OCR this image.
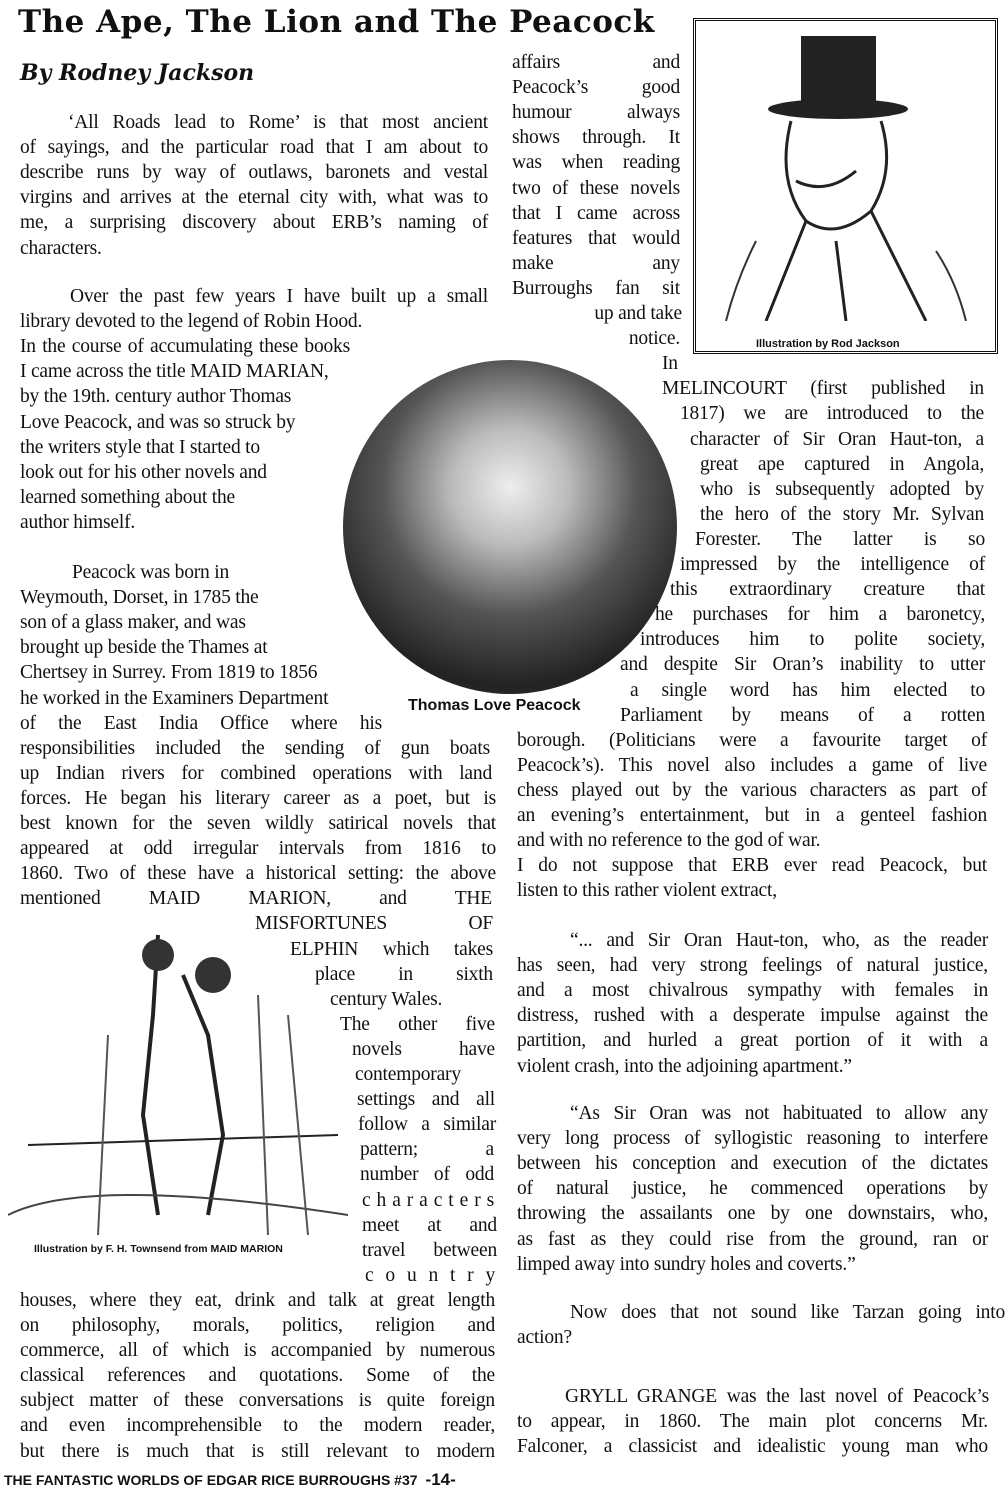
The Ape, The Lion and The Peacock
By Rodney Jackson
Illustration by Rod Jackson
Thomas Love Peacock
Illustration by F. H. Townsend from MAID MARION
‘All Roads lead to Rome’ is that most ancient
of sayings, and the particular road that I am about to
describe runs by way of outlaws, baronets and vestal
virgins and arrives at the eternal city with, what was to
me, a surprising discovery about ERB’s naming of
characters.
Over the past few years I have built up a small
library devoted to the legend of Robin Hood.
In the course of accumulating these books
I came across the title MAID MARIAN,
by the 19th. century author Thomas
Love Peacock, and was so struck by
the writers style that I started to
look out for his other novels and
learned something about the
author himself.
Peacock was born in
Weymouth, Dorset, in 1785 the
son of a glass maker, and was
brought up beside the Thames at
Chertsey in Surrey. From 1819 to 1856
he worked in the Examiners Department
of the East India Office where his
responsibilities included the sending of gun boats
up Indian rivers for combined operations with land
forces. He began his literary career as a poet, but is
best known for the seven wildly satirical novels that
appeared at odd irregular intervals from 1816 to
1860. Two of these have a historical setting: the above
mentioned MAID MARION, and THE
MISFORTUNES OF
ELPHIN which takes
place in sixth
century Wales.
The other five
novels have
contemporary
settings and all
follow a similar
pattern; a
number of odd
c h a r a c t e r s
meet at and
travel between
c o u n t r y
houses, where they eat, drink and talk at great length
on philosophy, morals, politics, religion and
commerce, all of which is accompanied by numerous
classical references and quotations. Some of the
subject matter of these conversations is quite foreign
and even incomprehensible to the modern reader,
but there is much that is still relevant to modern
affairs and
Peacock’s good
humour always
shows through. It
was when reading
two of these novels
that I came across
features that would
make any
Burroughs fan sit
up and take
notice.
In
MELINCOURT (first published in
1817) we are introduced to the
character of Sir Oran Haut-ton, a
great ape captured in Angola,
who is subsequently adopted by
the hero of the story Mr. Sylvan
Forester. The latter is so
impressed by the intelligence of
this extraordinary creature that
he purchases for him a baronetcy,
introduces him to polite society,
and despite Sir Oran’s inability to utter
a single word has him elected to
Parliament by means of a rotten
borough. (Politicians were a favourite target of
Peacock’s). This novel also includes a game of live
chess played out by the various characters as part of
an evening’s entertainment, but in a genteel fashion
and with no reference to the god of war.
I do not suppose that ERB ever read Peacock, but
listen to this rather violent extract,
“... and Sir Oran Haut-ton, who, as the reader
has seen, had very strong feelings of natural justice,
and a most chivalrous sympathy with females in
distress, rushed with a desperate impulse against the
partition, and hurled a great portion of it with a
violent crash, into the adjoining apartment.”
“As Sir Oran was not habituated to allow any
very long process of syllogistic reasoning to interfere
between his conception and execution of the dictates
of natural justice, he commenced operations by
throwing the assailants one by one downstairs, who,
as fast as they could rise from the ground, ran or
limped away into sundry holes and coverts.”
Now does that not sound like Tarzan going into
action?
GRYLL GRANGE was the last novel of Peacock’s
to appear, in 1860. The main plot concerns Mr.
Falconer, a classicist and idealistic young man who
THE FANTASTIC WORLDS OF EDGAR RICE BURROUGHS #37 -14-
